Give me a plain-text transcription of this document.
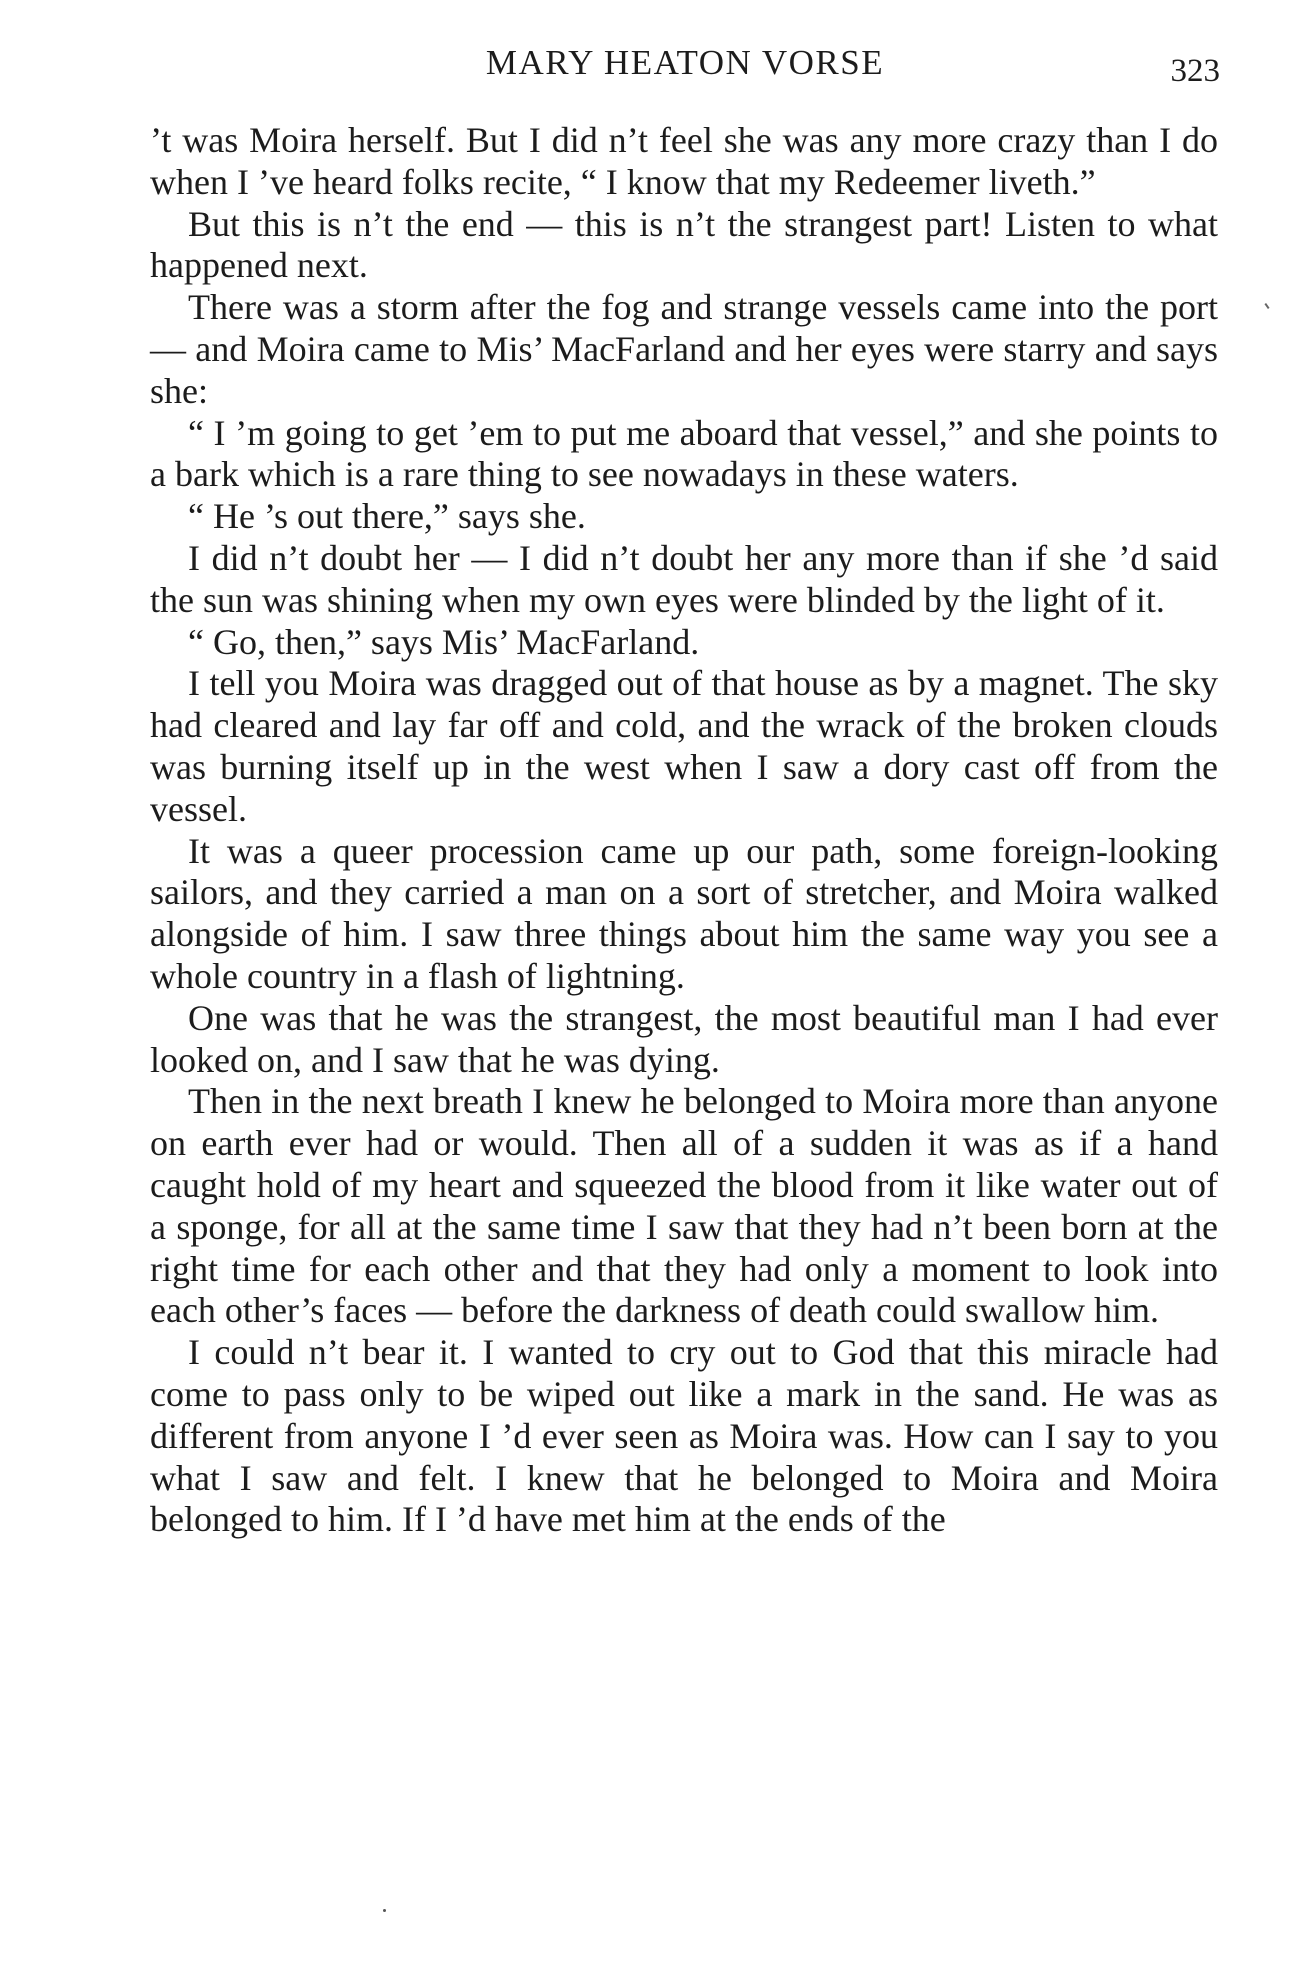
MARY HEATON VORSE	323

’t was Moira herself. But I did n’t feel she was any more crazy than I do when I ’ve heard folks recite, “ I know that my Redeemer liveth.”

But this is n’t the end — this is n’t the strangest part! Listen to what happened next.

There was a storm after the fog and strange vessels came into the port — and Moira came to Mis’ MacFarland and her eyes were starry and says she:

“ I ’m going to get ’em to put me aboard that vessel,” and she points to a bark which is a rare thing to see nowadays in these waters.

“ He ’s out there,” says she.

I did n’t doubt her — I did n’t doubt her any more than if she ’d said the sun was shining when my own eyes were blinded by the light of it.

“ Go, then,” says Mis’ MacFarland.

I tell you Moira was dragged out of that house as by a magnet. The sky had cleared and lay far off and cold, and the wrack of the broken clouds was burning itself up in the west when I saw a dory cast off from the vessel.

It was a queer procession came up our path, some foreign-looking sailors, and they carried a man on a sort of stretcher, and Moira walked alongside of him. I saw three things about him the same way you see a whole country in a flash of lightning.

One was that he was the strangest, the most beautiful man I had ever looked on, and I saw that he was dying.

Then in the next breath I knew he belonged to Moira more than anyone on earth ever had or would. Then all of a sudden it was as if a hand caught hold of my heart and squeezed the blood from it like water out of a sponge, for all at the same time I saw that they had n’t been born at the right time for each other and that they had only a moment to look into each other’s faces — before the darkness of death could swallow him.

I could n’t bear it. I wanted to cry out to God that this miracle had come to pass only to be wiped out like a mark in the sand. He was as different from anyone I ’d ever seen as Moira was. How can I say to you what I saw and felt. I knew that he belonged to Moira and Moira belonged to him. If I ’d have met him at the ends of the
